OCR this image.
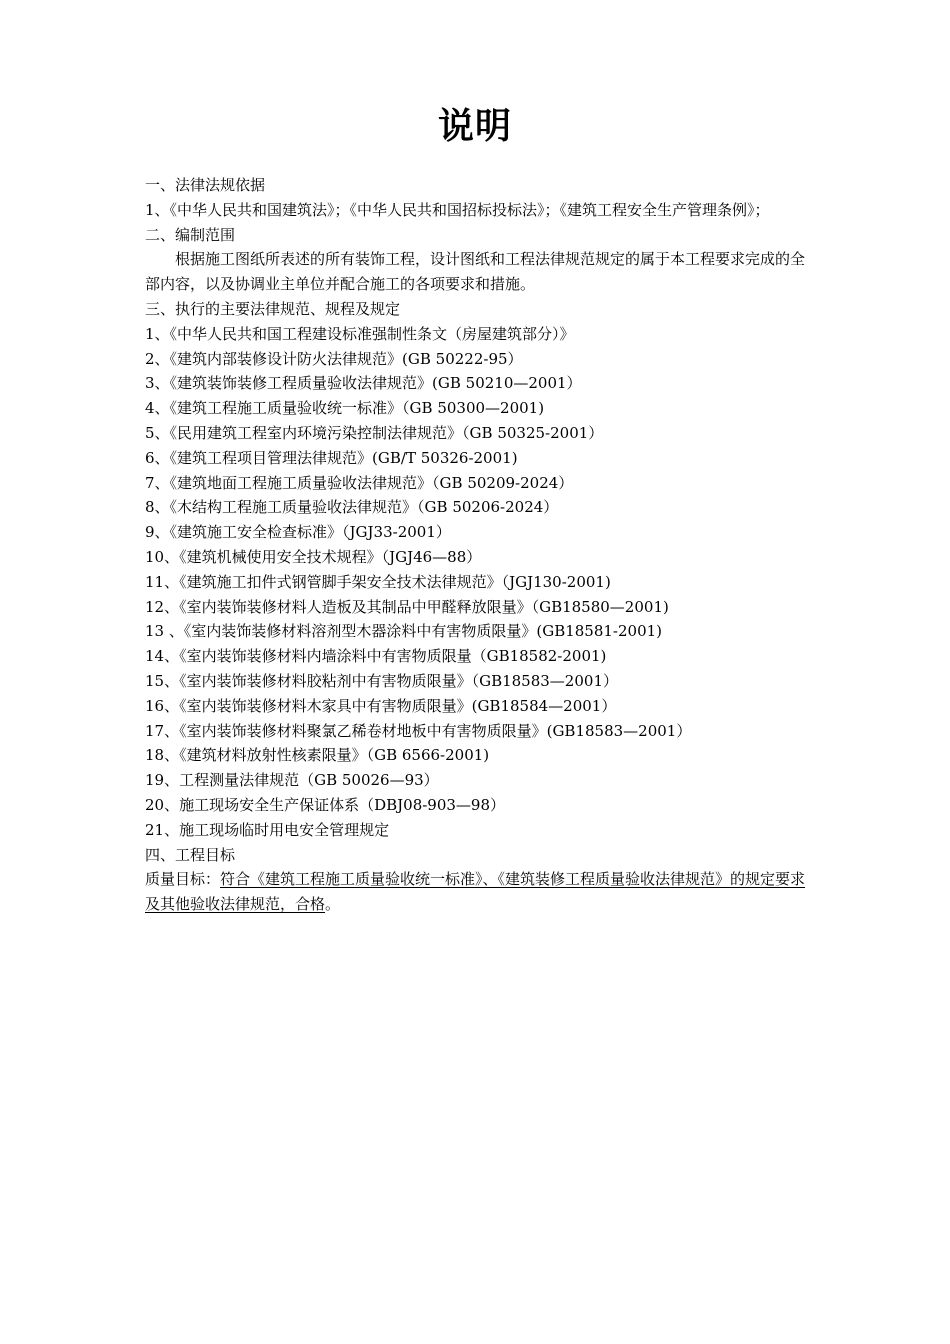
说明
一、法律法规依据
1、《中华人民共和国建筑法》；《中华人民共和国招标投标法》；《建筑工程安全生产管理条例》；
二、编制范围
根据施工图纸所表述的所有装饰工程，设计图纸和工程法律规范规定的属于本工程要求完成的全部内容，以及协调业主单位并配合施工的各项要求和措施。
三、执行的主要法律规范、规程及规定
1、《中华人民共和国工程建设标准强制性条文（房屋建筑部分）》
2、《建筑内部装修设计防火法律规范》(GB 50222-95）
3、《建筑装饰装修工程质量验收法律规范》(GB 50210—2001）
4、《建筑工程施工质量验收统一标准》（GB 50300—2001)
5、《民用建筑工程室内环境污染控制法律规范》（GB 50325-2001）
6、《建筑工程项目管理法律规范》(GB/T 50326-2001)
7、《建筑地面工程施工质量验收法律规范》（GB 50209-2024）
8、《木结构工程施工质量验收法律规范》（GB 50206-2024）
9、《建筑施工安全检查标准》（JGJ33-2001）
10、《建筑机械使用安全技术规程》（JGJ46—88）
11、《建筑施工扣件式钢管脚手架安全技术法律规范》（JGJ130-2001)
12、《室内装饰装修材料人造板及其制品中甲醛释放限量》（GB18580—2001)
13 、《室内装饰装修材料溶剂型木器涂料中有害物质限量》(GB18581-2001)
14、《室内装饰装修材料内墙涂料中有害物质限量（GB18582-2001)
15、《室内装饰装修材料胶粘剂中有害物质限量》（GB18583—2001）
16、《室内装饰装修材料木家具中有害物质限量》(GB18584—2001）
17、《室内装饰装修材料聚氯乙稀卷材地板中有害物质限量》(GB18583—2001）
18、《建筑材料放射性核素限量》（GB 6566-2001)
19、工程测量法律规范（GB 50026—93）
20、施工现场安全生产保证体系（DBJ08-903—98）
21、施工现场临时用电安全管理规定
四、工程目标
质量目标：符合《建筑工程施工质量验收统一标准》、《建筑装修工程质量验收法律规范》的规定要求及其他验收法律规范，合格。
